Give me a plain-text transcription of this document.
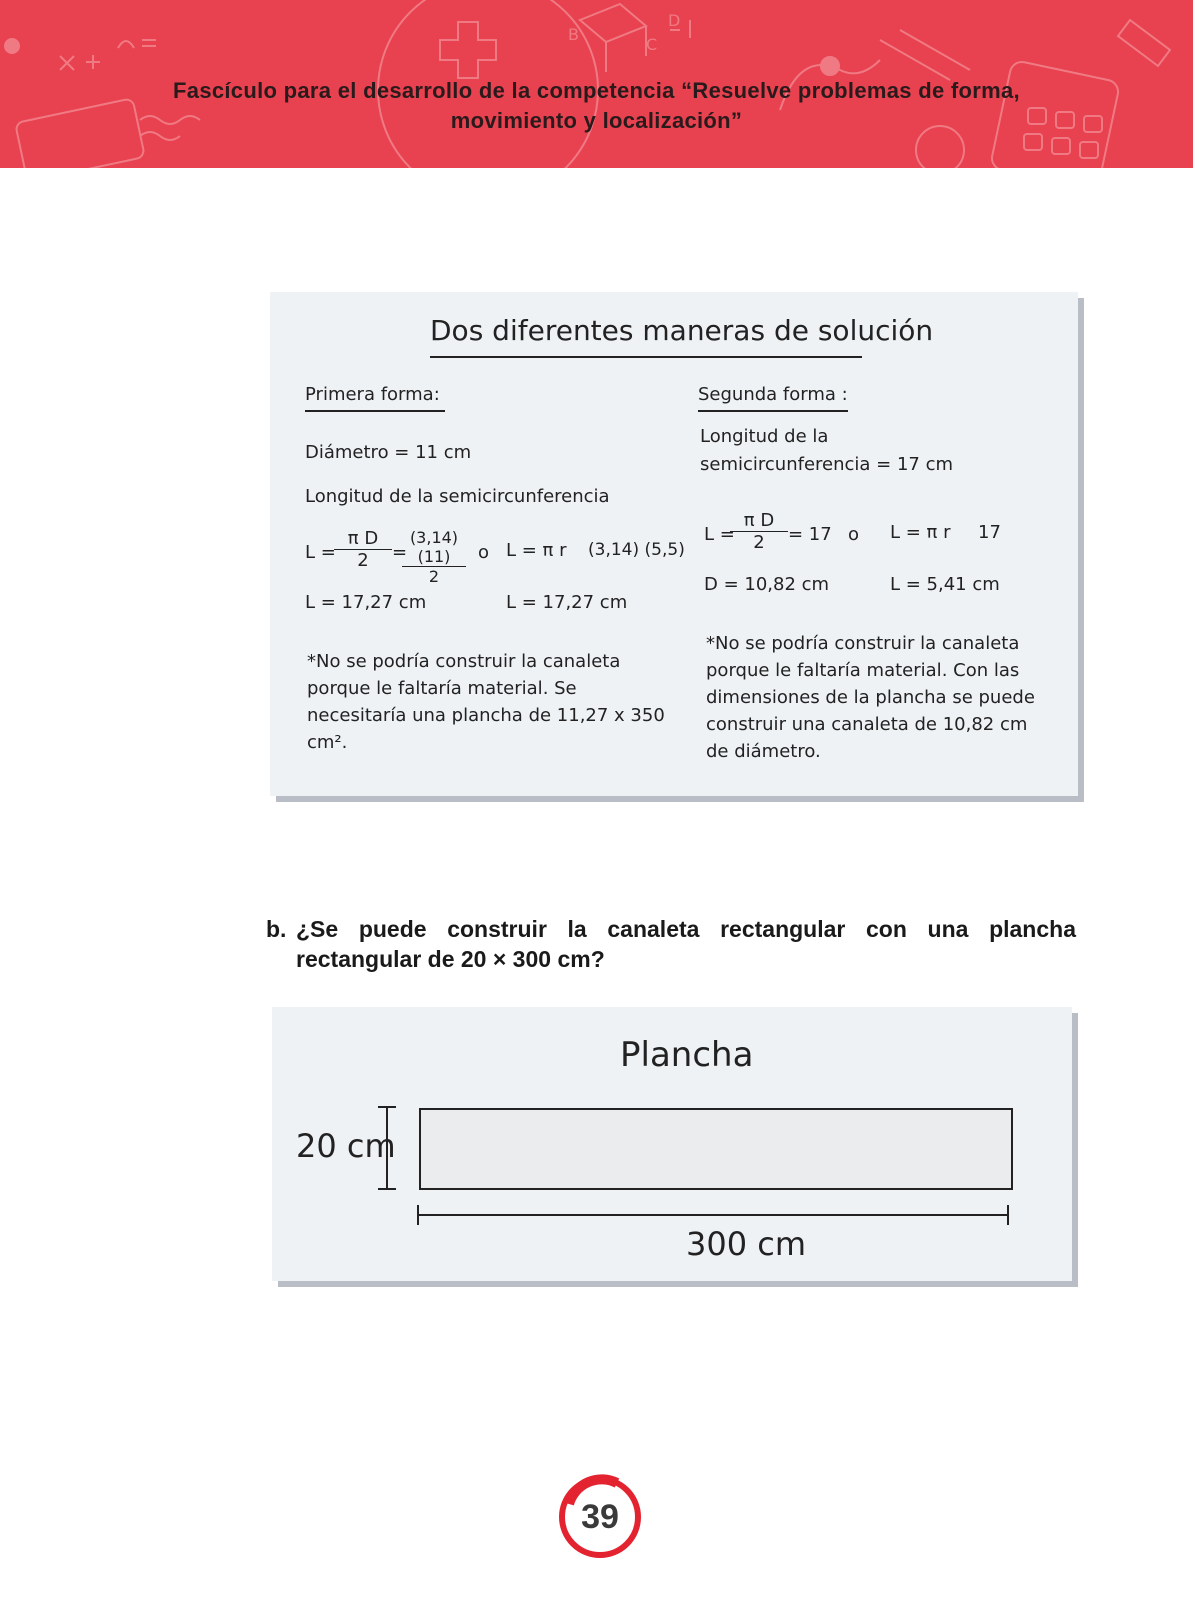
B
D
C
Fascículo para el desarrollo de la competencia “Resuelve problemas de forma,
movimiento y localización”
Dos diferentes maneras de solución
Primera forma:
Diámetro = 11 cm
Longitud de la semicircunferencia
L =
$\frac{\text{π D}}{2}$ =
$\frac{(3,14) (11)}{2}$ o L = π r (3,14) (5,5)
L = 17,27 cm	L = 17,27 cm
*No se podría construir la canaleta porque le faltaría material. Se necesitaría una plancha de 11,27 x 350 cm².
Segunda forma :
Longitud de la
semicircunferencia = 17 cm
L =
$\frac{\text{π D}}{2} = 17$ o L = π r 17
D = 10,82 cm	L = 5,41 cm
*No se podría construir la canaleta porque le faltaría material. Con las dimensiones de la plancha se puede construir una canaleta de 10,82 cm de diámetro.
b. ¿Se puede construir la canaleta rectangular con una plancha
rectangular de 20 × 300 cm?
Plancha
20 cm
300 cm
39
